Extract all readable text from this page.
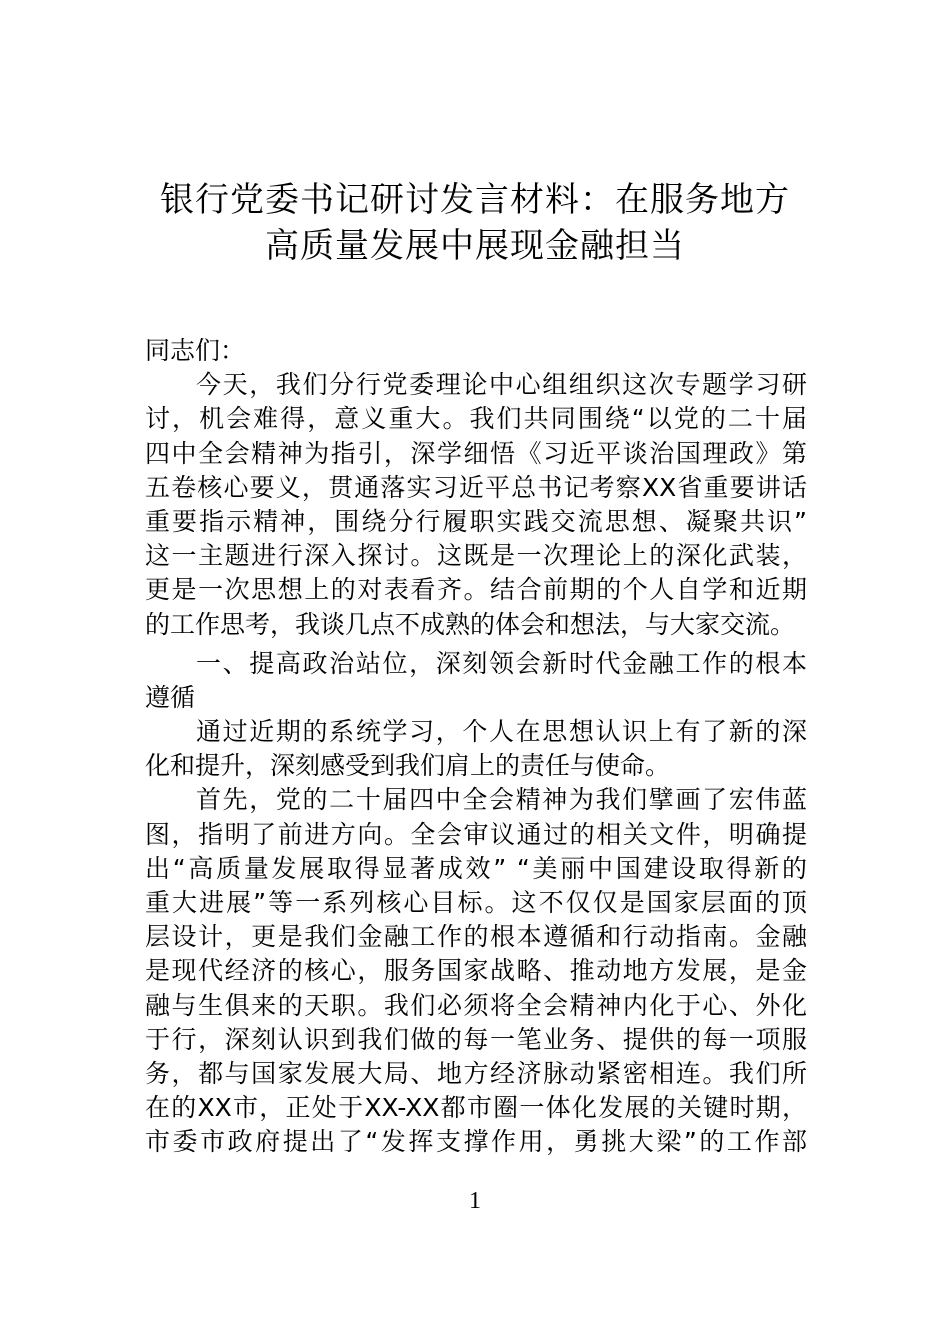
银行党委书记研讨发言材料：在服务地方
高质量发展中展现金融担当
同志们：
今天，我们分行党委理论中心组组织这次专题学习研
讨，机会难得，意义重大。我们共同围绕“以党的二十届
四中全会精神为指引，深学细悟《习近平谈治国理政》第
五卷核心要义，贯通落实习近平总书记考察XX省重要讲话
重要指示精神，围绕分行履职实践交流思想、凝聚共识”
这一主题进行深入探讨。这既是一次理论上的深化武装，
更是一次思想上的对表看齐。结合前期的个人自学和近期
的工作思考，我谈几点不成熟的体会和想法，与大家交流。
一、提高政治站位，深刻领会新时代金融工作的根本
遵循
通过近期的系统学习，个人在思想认识上有了新的深
化和提升，深刻感受到我们肩上的责任与使命。
首先，党的二十届四中全会精神为我们擘画了宏伟蓝
图，指明了前进方向。全会审议通过的相关文件，明确提
出“高质量发展取得显著成效” “美丽中国建设取得新的
重大进展”等一系列核心目标。这不仅仅是国家层面的顶
层设计，更是我们金融工作的根本遵循和行动指南。金融
是现代经济的核心，服务国家战略、推动地方发展，是金
融与生俱来的天职。我们必须将全会精神内化于心、外化
于行，深刻认识到我们做的每一笔业务、提供的每一项服
务，都与国家发展大局、地方经济脉动紧密相连。我们所
在的XX市，正处于XX-XX都市圈一体化发展的关键时期，
市委市政府提出了“发挥支撑作用，勇挑大梁”的工作部
1
